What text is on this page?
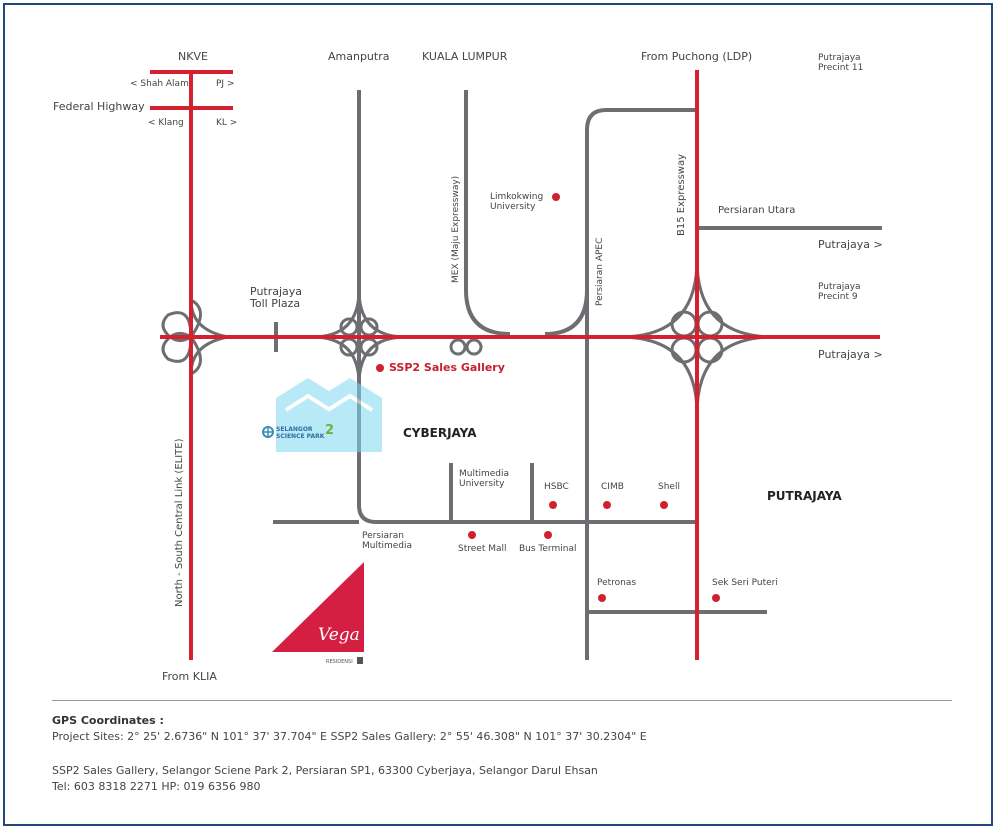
Vega
RESIDENSI
NKVE
< Shah Alam	PJ >
Federal Highway
< Klang	KL >
Amanputra	KUALA LUMPUR	From Puchong (LDP)	Putrajaya
Precint 11
Limkokwing
University
MEX (Maju Expressway)	Persiaran APEC
B15 Expressway	Persiaran Utara
Putrajaya >
Putrajaya
Precint 9
Putrajaya >
Putrajaya
Toll Plaza
SSP2 Sales Gallery
CYBERJAYA
SELANGOR
SCIENCE PARK 2
North - South Central Link (ELITE)	Multimedia
University	HSBC	CIMB	Shell
PUTRAJAYA
Persiaran
Multimedia	Street Mall Bus Terminal
Petronas	Sek Seri Puteri
From KLIA
GPS Coordinates :
Project Sites: 2° 25' 2.6736" N 101° 37' 37.704" E SSP2 Sales Gallery: 2° 55' 46.308" N 101° 37' 30.2304" E
SSP2 Sales Gallery, Selangor Sciene Park 2, Persiaran SP1, 63300 Cyberjaya, Selangor Darul Ehsan
Tel: 603 8318 2271 HP: 019 6356 980
